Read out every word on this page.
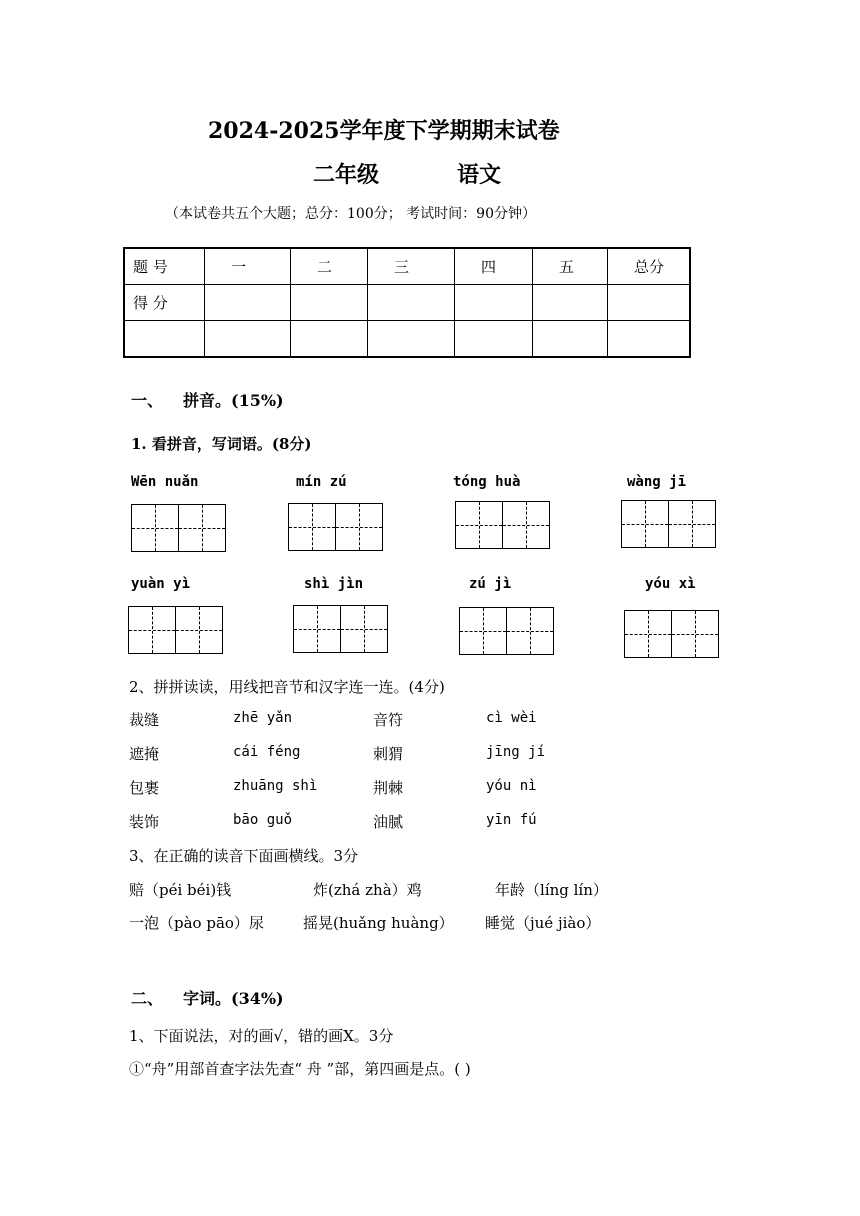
2024-2025学年度下学期期末试卷
二年级	语文
（本试卷共五个大题；总分：100分； 考试时间：90分钟）
题 号	一	二	三	四	五	总分
得 分						

一、 拼音。(15%)
1. 看拼音，写词语。(8分)
Wēn nuǎn	mín zú	tóng huà	wàng jī
yuàn yì	shì jìn	zú jì	yóu xì
2、拼拼读读，用线把音节和汉字连一连。(4分)
裁缝	zhē yǎn	音符	cì wèi
遮掩	cái féng	刺猬	jīng jí
包裹	zhuāng shì	荆棘	yóu nì
装饰	bāo guǒ	油腻	yīn fú
3、在正确的读音下面画横线。3分
赔（péi béi)钱	炸(zhá zhà）鸡	年龄（líng lín）
一泡（pào pāo）尿	摇晃(huǎng huàng） 睡觉（jué jiào）
二、 字词。(34%)
1、下面说法，对的画√，错的画X。3分
①“舟”用部首查字法先查“ 舟 ”部，第四画是点。( )
